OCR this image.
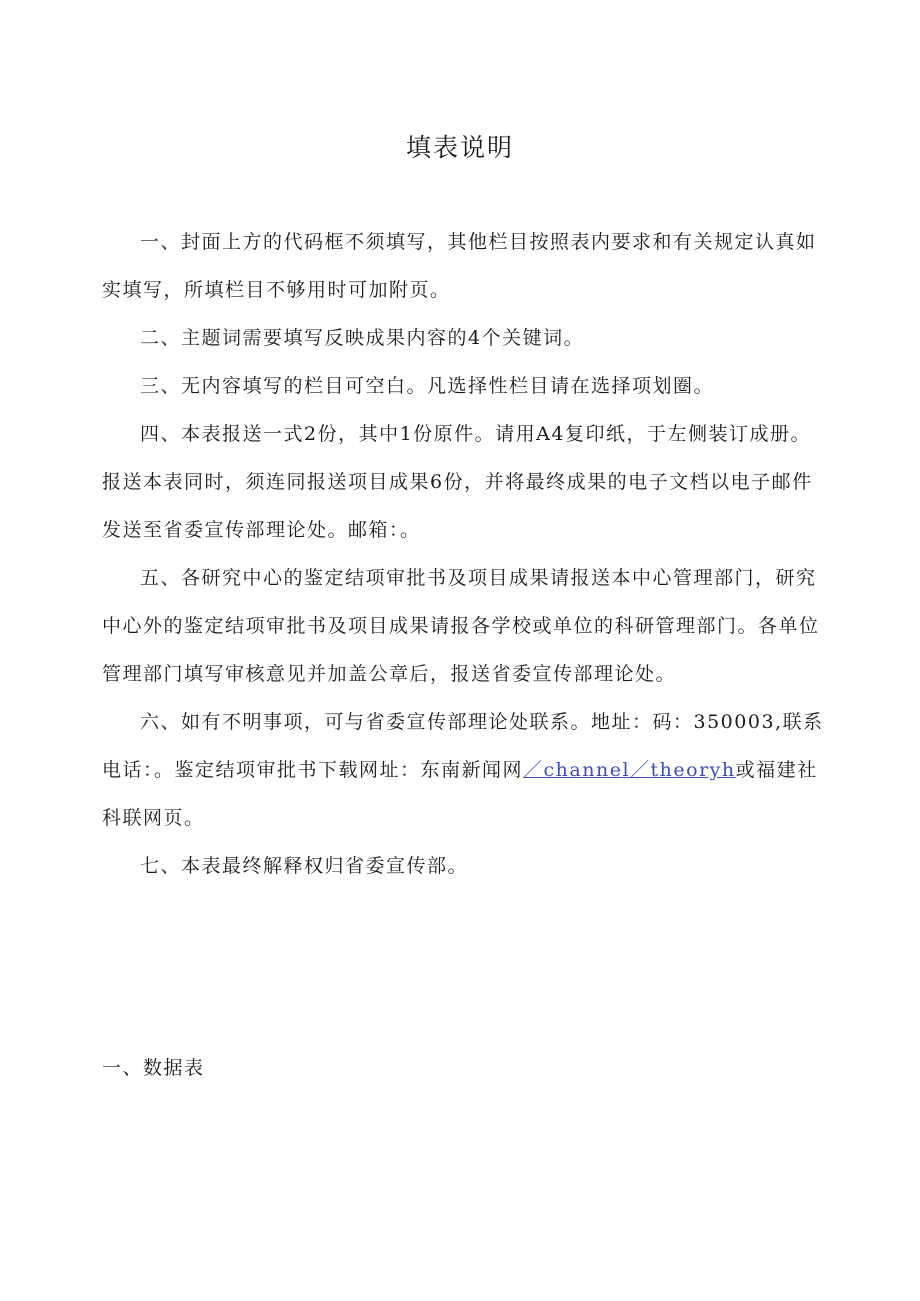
填表说明

一、封面上方的代码框不须填写，其他栏目按照表内要求和有关规定认真如实填写，所填栏目不够用时可加附页。

二、主题词需要填写反映成果内容的4个关键词。

三、无内容填写的栏目可空白。凡选择性栏目请在选择项划圈。

四、本表报送一式2份，其中1份原件。请用A4复印纸，于左侧装订成册。报送本表同时，须连同报送项目成果6份，并将最终成果的电子文档以电子邮件发送至省委宣传部理论处。邮箱：。

五、各研究中心的鉴定结项审批书及项目成果请报送本中心管理部门，研究中心外的鉴定结项审批书及项目成果请报各学校或单位的科研管理部门。各单位管理部门填写审核意见并加盖公章后，报送省委宣传部理论处。

六、如有不明事项，可与省委宣传部理论处联系。地址：码：350003,联系电话：。鉴定结项审批书下载网址：东南新闻网／channel／theoryh或福建社科联网页。

七、本表最终解释权归省委宣传部。

一、数据表
